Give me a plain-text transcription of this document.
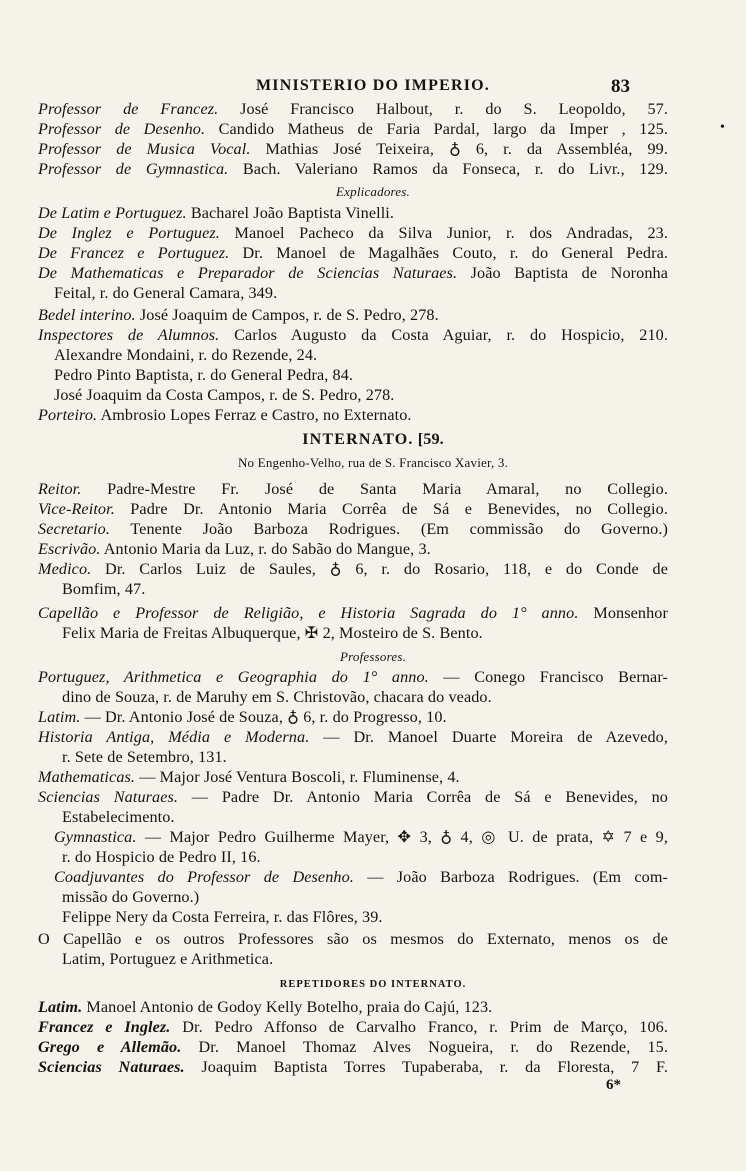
MINISTERIO DO IMPERIO.	83
•
Professor de Francez. José Francisco Halbout, r. do S. Leopoldo, 57.
Professor de Desenho. Candido Matheus de Faria Pardal, largo da Imper , 125.
Professor de Musica Vocal. Mathias José Teixeira, ♁ 6, r. da Assembléa, 99.
Professor de Gymnastica. Bach. Valeriano Ramos da Fonseca, r. do Livr., 129.
Explicadores.
De Latim e Portuguez. Bacharel João Baptista Vinelli.
De Inglez e Portuguez. Manoel Pacheco da Silva Junior, r. dos Andradas, 23.
De Francez e Portuguez. Dr. Manoel de Magalhães Couto, r. do General Pedra.
De Mathematicas e Preparador de Sciencias Naturaes. João Baptista de Noronha
Feital, r. do General Camara, 349.
Bedel interino. José Joaquim de Campos, r. de S. Pedro, 278.
Inspectores de Alumnos. Carlos Augusto da Costa Aguiar, r. do Hospicio, 210.
Alexandre Mondaini, r. do Rezende, 24.
Pedro Pinto Baptista, r. do General Pedra, 84.
José Joaquim da Costa Campos, r. de S. Pedro, 278.
Porteiro. Ambrosio Lopes Ferraz e Castro, no Externato.
INTERNATO. [59.
No Engenho-Velho, rua de S. Francisco Xavier, 3.
Reitor. Padre-Mestre Fr. José de Santa Maria Amaral, no Collegio.
Vice-Reitor. Padre Dr. Antonio Maria Corrêa de Sá e Benevides, no Collegio.
Secretario. Tenente João Barboza Rodrigues. (Em commissão do Governo.)
Escrivão. Antonio Maria da Luz, r. do Sabão do Mangue, 3.
Medico. Dr. Carlos Luiz de Saules, ♁ 6, r. do Rosario, 118, e do Conde de
Bomfim, 47.
Capellão e Professor de Religião, e Historia Sagrada do 1° anno. Monsenhor
Felix Maria de Freitas Albuquerque, ✠ 2, Mosteiro de S. Bento.
Professores.
Portuguez, Arithmetica e Geographia do 1° anno. — Conego Francisco Bernar-
dino de Souza, r. de Maruhy em S. Christovão, chacara do veado.
Latim. — Dr. Antonio José de Souza, ♁ 6, r. do Progresso, 10.
Historia Antiga, Média e Moderna. — Dr. Manoel Duarte Moreira de Azevedo,
r. Sete de Setembro, 131.
Mathematicas. — Major José Ventura Boscoli, r. Fluminense, 4.
Sciencias Naturaes. — Padre Dr. Antonio Maria Corrêa de Sá e Benevides, no
Estabelecimento.
Gymnastica. — Major Pedro Guilherme Mayer, ✥ 3, ♁ 4, ◎ U. de prata, ✡ 7 e 9,
r. do Hospicio de Pedro II, 16.
Coadjuvantes do Professor de Desenho. — João Barboza Rodrigues. (Em com-
missão do Governo.)
Felippe Nery da Costa Ferreira, r. das Flôres, 39.
O Capellão e os outros Professores são os mesmos do Externato, menos os de
Latim, Portuguez e Arithmetica.
REPETIDORES DO INTERNATO.
Latim. Manoel Antonio de Godoy Kelly Botelho, praia do Cajú, 123.
Francez e Inglez. Dr. Pedro Affonso de Carvalho Franco, r. Prim de Março, 106.
Grego e Allemão. Dr. Manoel Thomaz Alves Nogueira, r. do Rezende, 15.
Sciencias Naturaes. Joaquim Baptista Torres Tupaberaba, r. da Floresta, 7 F.
6*
